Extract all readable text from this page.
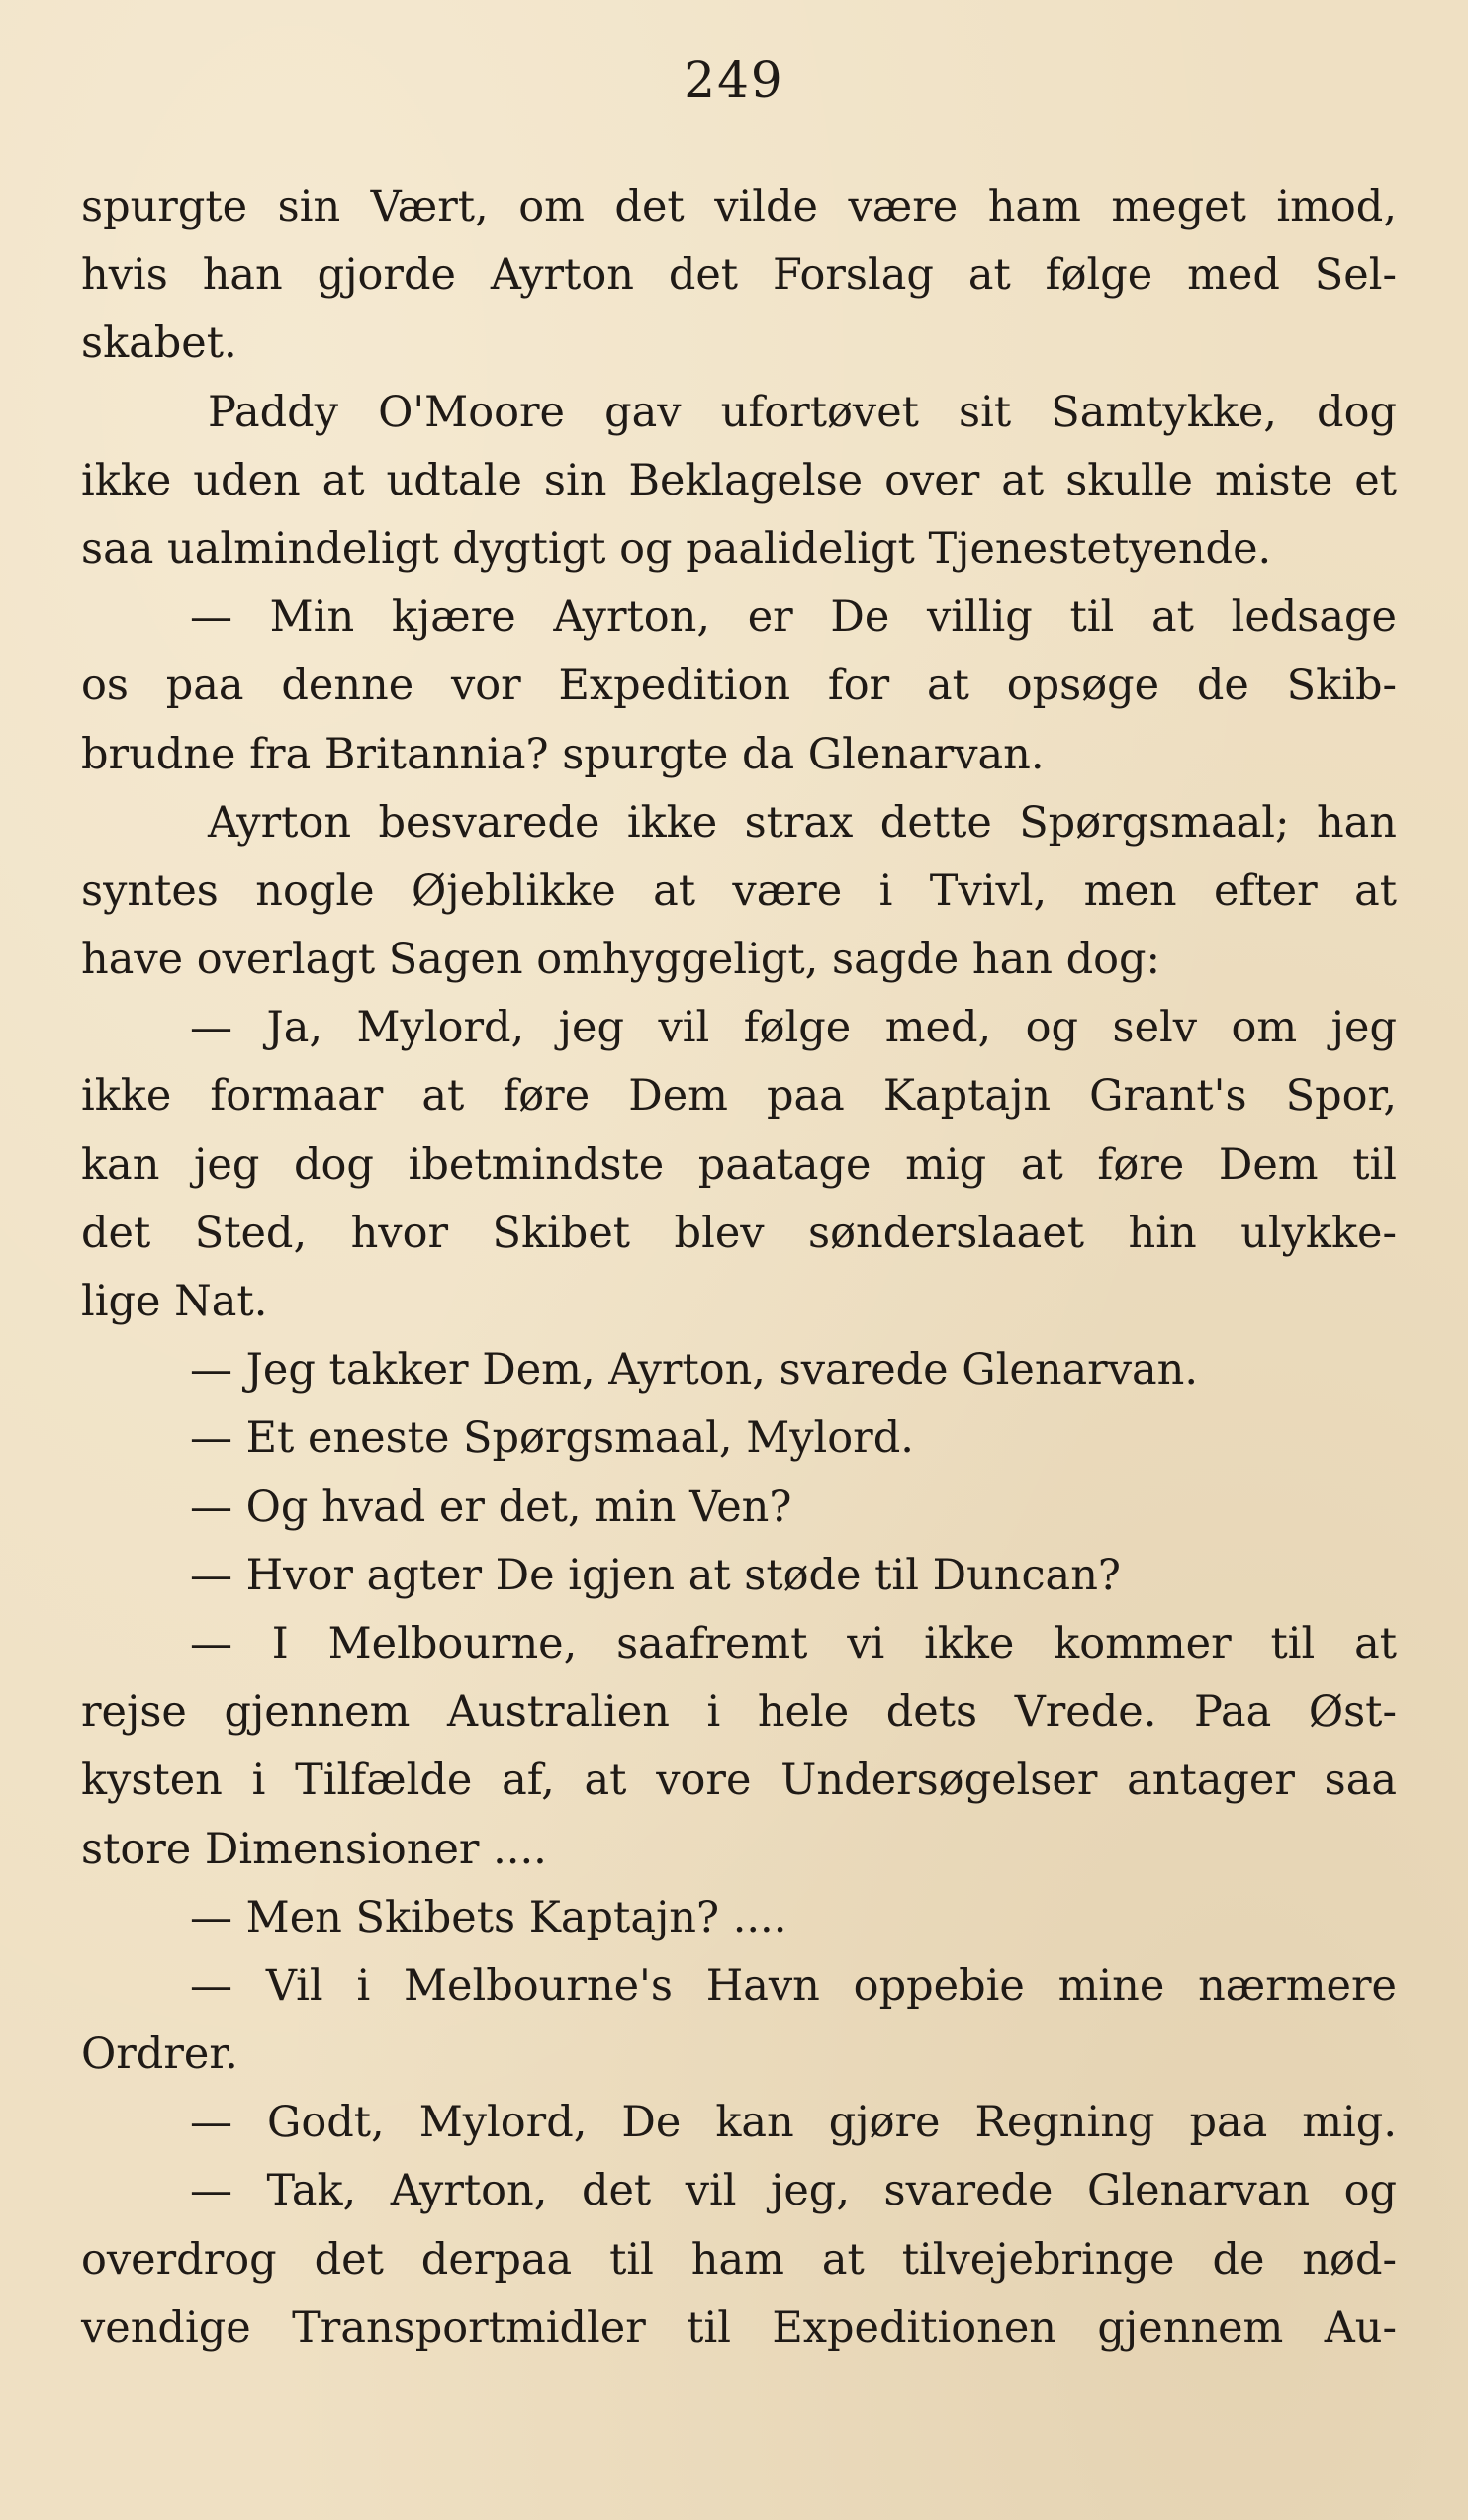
249
spurgte sin Vært, om det vilde være ham meget imod,
hvis han gjorde Ayrton det Forslag at følge med Sel-
skabet.
Paddy O'Moore gav ufortøvet sit Samtykke, dog
ikke uden at udtale sin Beklagelse over at skulle miste et
saa ualmindeligt dygtigt og paalideligt Tjenestetyende.
— Min kjære Ayrton, er De villig til at ledsage
os paa denne vor Expedition for at opsøge de Skib-
brudne fra Britannia? spurgte da Glenarvan.
Ayrton besvarede ikke strax dette Spørgsmaal; han
syntes nogle Øjeblikke at være i Tvivl, men efter at
have overlagt Sagen omhyggeligt, sagde han dog:
— Ja, Mylord, jeg vil følge med, og selv om jeg
ikke formaar at føre Dem paa Kaptajn Grant's Spor,
kan jeg dog ibetmindste paatage mig at føre Dem til
det Sted, hvor Skibet blev sønderslaaet hin ulykke-
lige Nat.
— Jeg takker Dem, Ayrton, svarede Glenarvan.
— Et eneste Spørgsmaal, Mylord.
— Og hvad er det, min Ven?
— Hvor agter De igjen at støde til Duncan?
— I Melbourne, saafremt vi ikke kommer til at
rejse gjennem Australien i hele dets Vrede. Paa Øst-
kysten i Tilfælde af, at vore Undersøgelser antager saa
store Dimensioner ....
— Men Skibets Kaptajn? ....
— Vil i Melbourne's Havn oppebie mine nærmere
Ordrer.
— Godt, Mylord, De kan gjøre Regning paa mig.
— Tak, Ayrton, det vil jeg, svarede Glenarvan og
overdrog det derpaa til ham at tilvejebringe de nød-
vendige Transportmidler til Expeditionen gjennem Au-
